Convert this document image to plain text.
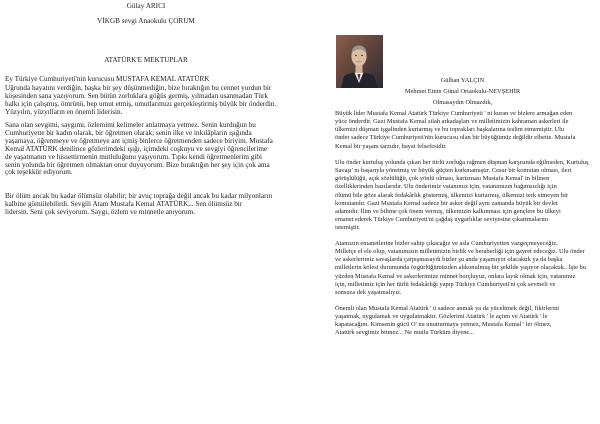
Gülay ARICI
VİKGB sevgi Anaokulu ÇORUM
ATATÜRK'E MEKTUPLAR
Ey Türkiye Cumhuriyeti'nin kurucusu MUSTAFA KEMAL ATATÜRK
Uğrunda hayatını verdiğin, başka bir şey düşünmediğin, bize bıraktığın bu cennet yurdun bir
köşesinden sana yazıyorum. Sen bütün zorluklara göğüs germiş, yılmadan usanmadan Türk
halkı için çalışmış, ömrünü, hep umut etmiş, umutlarımızı gerçekleştirmiş büyük bir önderdin.
Yüzyılın, yüzyılların en önemli liderisin.
Sana olan sevgimi, saygımı, özlemimi kelimeler anlatmaya yetmez. Senin kurduğun bu
Cumhuriyette bir kadın olarak, bir öğretmen olarak; senin ilke ve inkılâpların ışığında
yaşamaya, öğrenmeye ve öğretmeye ant içmiş binlerce öğretmenden sadece biriyim. Mustafa
Kemal ATATÜRK denilince gözlerimdeki ışığı, içimdeki coşkuyu ve sevgiyi öğrencilerime
de yaşatmanın ve hissettirmenin mutluluğunu yaşıyorum. Tıpkı kendi öğretmenlerim gibi
senin yolunda bir öğretmen olmaktan onur duyuyorum. Bize bıraktığın her şey için çok ama
çok teşekkür ediyorum.
Bir ölüm ancak bu kadar ölümsüz olabilir; bir avuç toprağa değil ancak bu kadar milyonların
kalbine gömülebilirdi. Sevgili Atam Mustafa Kemal ATATÜRK... Sen ölümsüz bir
lidersin. Seni çok seviyorum. Saygı, özlem ve minnetle anıyorum.
Gülhan YALÇIN
Mehmet Emin Günal Ortaokulu-NEVŞEHİR
Olmasaydın Olmazdık,
Büyük lider Mustafa Kemal Atatürk Türkiye Cumhuriyeti ' ni kuran ve bizlere armağan eden
yüce önderdir. Gazi Mustafa Kemal silah arkadaşları ve milletimizin kahraman askerleri ile
ülkemizi düşman işgalinden kurtarmış ve bu toprakları başkalarına teslim etmemiştir. Ulu
önder sadece Türkiye Cumhuriyeti'nin kurucusu olan bir büyüğümüz değildir elbette. Mustafa
Kemal bir yaşam tarzıdır, hayat felsefesidir.
Ulu önder kurtuluş yolunda çıkan her türlü zorluğa rağmen düşman karşısında eğilmeden, Kurtuluş
Savaşı' nı başarıyla yönetmiş ve büyük güçten korkmamıştır. Cesur bir komutan olması, ileri
görüşlülüğü, açık sözlülüğü, çok yönlü olması, karizması Mustafa Kemal' in bilinen
özelliklerinden bazılarıdır. Ulu önderimiz vatanımız için, vatanımızın bağımsızlığı için
ölümü bile göze alarak fedakârlık göstermiş, ülkemizi kurtarmış, ülkemizi terk etmeyen bir
komutandır. Gazi Mustafa Kemal sadece bir asker değil aynı zamanda büyük bir devlet
adamıdır. İlim ve bilime çok önem vermiş, ülkemizin kalkınması için gençlere bu ülkeyi
emanet ederek Türkiye Cumhuriyeti'ni çağdaş uygarlıklar seviyesine çıkartmalarını
istemiştir.
Atamızın emanetlerine bizler sahip çıkacağız ve asla Cumhuriyetten vazgeçmeyeceğiz.
Milletçe el ele olup, vatanımızın milletimizin birlik ve beraberliği için gayret edeceğiz. Ulu önder
ve askerlerimiz savaşlarda çarpışmasaydı bizler şu anda yaşamıyor olacaktık ya da başka
milletlerin kölesi durumunda özgürlüğümüzden alıkonulmuş bir şekilde yaşıyor olacaktık.. İşte bu
yüzden Mustafa Kemal ve askerlerimize minnet borçluyuz, onlara layık olmak için, vatanımız
için, milletimiz için her türlü fedakârlığı yapıp Türkiye Cumhuriyeti'ni çok sevmeli ve
sonsuza dek yaşatmalıyız.
Önemli olan Mustafa Kemal Atatürk ' ü sadece anmak ya da yüceltmek değil, fikirlerini
yaşatmak, uygulamak ve uygulatmaktır. Gözlerimi Atatürk ' le açtım ve Atatürk ' le
kapatacağım. Kimsenin gücü O' nu unutturmaya yetmez, Mustafa Kemal ' ler ölmez,
Atatürk sevgimiz bitmez... Ne mutlu Türküm diyene...
